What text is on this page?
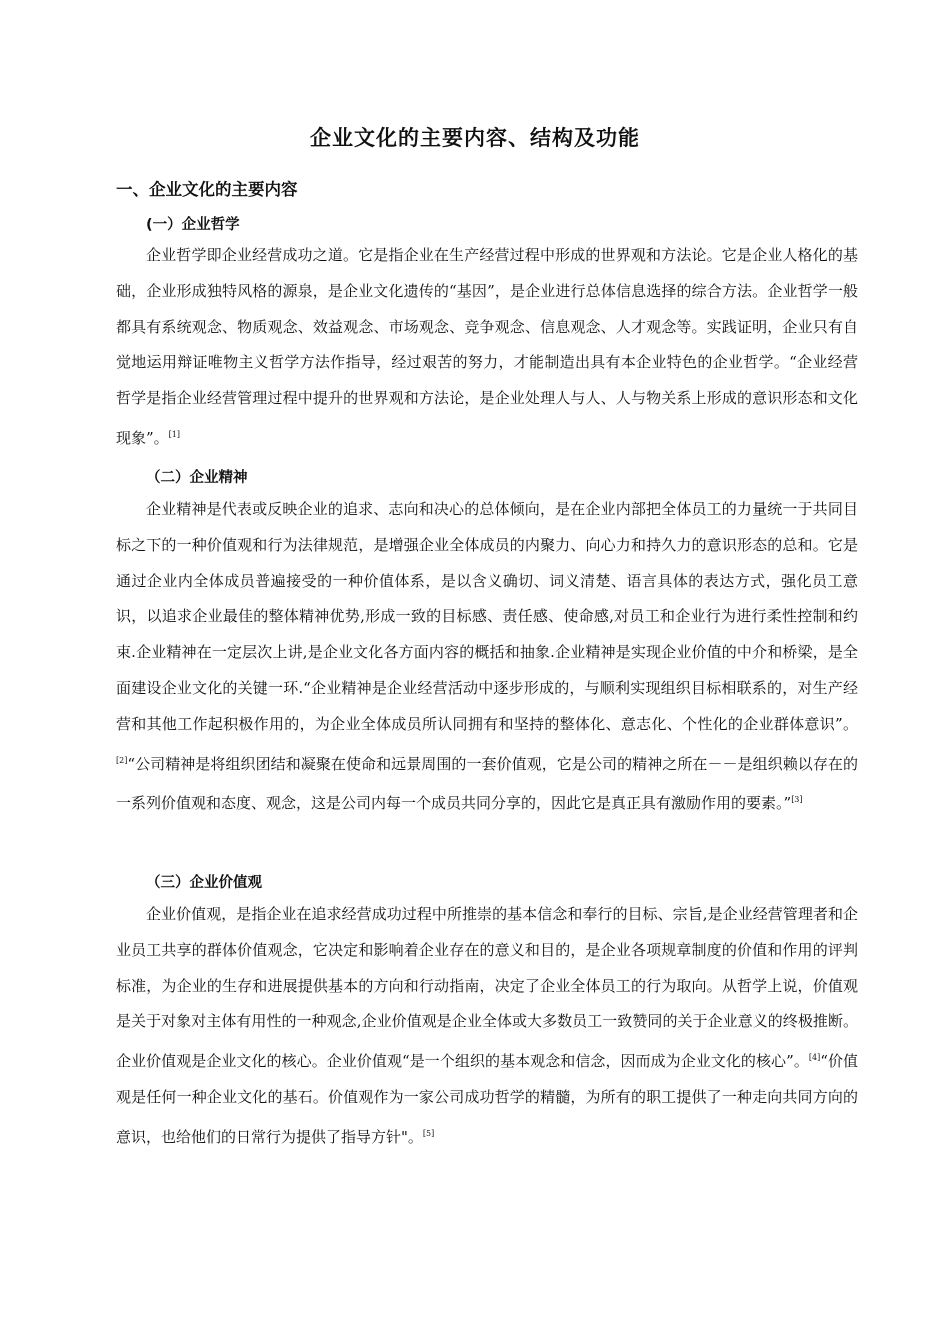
企业文化的主要内容、结构及功能
一、企业文化的主要内容
(一）企业哲学

企业哲学即企业经营成功之道。它是指企业在生产经营过程中形成的世界观和方法论。它是企业人格化的基础，企业形成独特风格的源泉，是企业文化遗传的“基因”，是企业进行总体信息选择的综合方法。企业哲学一般都具有系统观念、物质观念、效益观念、市场观念、竞争观念、信息观念、人才观念等。实践证明，企业只有自觉地运用辩证唯物主义哲学方法作指导，经过艰苦的努力，才能制造出具有本企业特色的企业哲学。“企业经营哲学是指企业经营管理过程中提升的世界观和方法论，是企业处理人与人、人与物关系上形成的意识形态和文化现象”。[1]

（二）企业精神

企业精神是代表或反映企业的追求、志向和决心的总体倾向，是在企业内部把全体员工的力量统一于共同目标之下的一种价值观和行为法律规范，是增强企业全体成员的内聚力、向心力和持久力的意识形态的总和。它是通过企业内全体成员普遍接受的一种价值体系，是以含义确切、词义清楚、语言具体的表达方式，强化员工意识，以追求企业最佳的整体精神优势,形成一致的目标感、责任感、使命感,对员工和企业行为进行柔性控制和约束.企业精神在一定层次上讲,是企业文化各方面内容的概括和抽象.企业精神是实现企业价值的中介和桥梁，是全面建设企业文化的关键一环.“企业精神是企业经营活动中逐步形成的，与顺利实现组织目标相联系的，对生产经营和其他工作起积极作用的，为企业全体成员所认同拥有和坚持的整体化、意志化、个性化的企业群体意识”。[2]“公司精神是将组织团结和凝聚在使命和远景周围的一套价值观，它是公司的精神之所在－－是组织赖以存在的一系列价值观和态度、观念，这是公司内每一个成员共同分享的，因此它是真正具有激励作用的要素。”[3]

（三）企业价值观

企业价值观，是指企业在追求经营成功过程中所推崇的基本信念和奉行的目标、宗旨,是企业经营管理者和企业员工共享的群体价值观念，它决定和影响着企业存在的意义和目的，是企业各项规章制度的价值和作用的评判标准，为企业的生存和进展提供基本的方向和行动指南，决定了企业全体员工的行为取向。从哲学上说，价值观是关于对象对主体有用性的一种观念,企业价值观是企业全体或大多数员工一致赞同的关于企业意义的终极推断。企业价值观是企业文化的核心。企业价值观“是一个组织的基本观念和信念，因而成为企业文化的核心”。[4]“价值观是任何一种企业文化的基石。价值观作为一家公司成功哲学的精髓，为所有的职工提供了一种走向共同方向的意识，也给他们的日常行为提供了指导方针"。[5]
